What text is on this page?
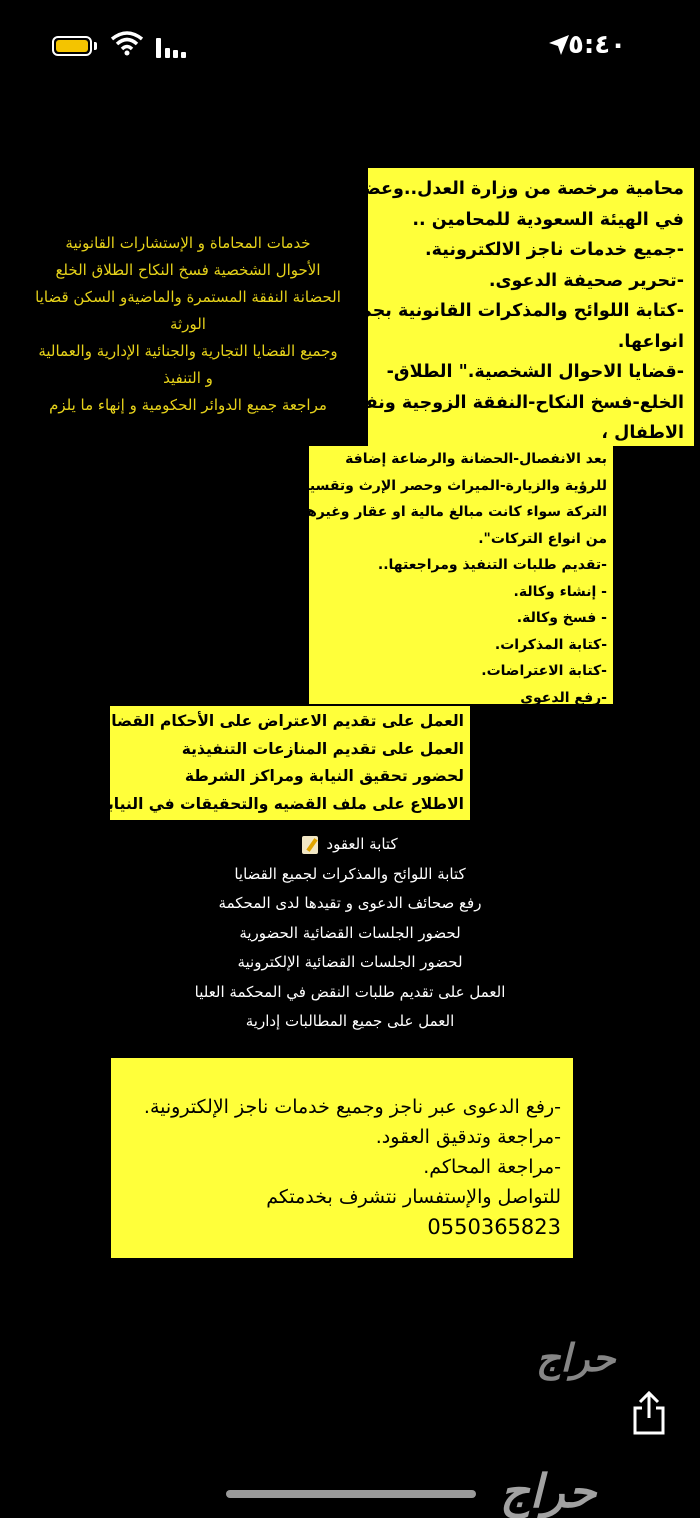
٥:٤٠
خدمات المحاماة و الإستشارات القانونية
الأحوال الشخصية فسخ النكاح الطلاق الخلع
الحضانة النفقة المستمرة والماضيةو السكن قضايا
الورثة
وجميع القضايا التجارية والجنائية الإدارية والعمالية
و التنفيذ
مراجعة جميع الدوائر الحكومية و إنهاء ما يلزم
محامية مرخصة من وزارة العدل..وعضو
في الهيئة السعودية للمحامين ..
-جميع خدمات ناجز الالكترونية.
-تحرير صحيفة الدعوى.
-كتابة اللوائح والمذكرات القانونية بجميع
انواعها.
-قضايا الاحوال الشخصية." الطلاق-
الخلع-فسخ النكاح-النفقة الزوجية ونفقة
الاطفال ،
بعد الانفصال-الحضانة والرضاعة إضافة
للرؤية والزيارة-الميراث وحصر الإرث وتقسيم
التركة سواء كانت مبالغ مالية او عقار وغيرها
من انواع التركات".
-تقديم طلبات التنفيذ ومراجعتها..
- إنشاء وكالة.
- فسخ وكالة.
-كتابة المذكرات.
-كتابة الاعتراضات.
-رفع الدعوى
العمل على تقديم الاعتراض على الأحكام القضائية
العمل على تقديم المنازعات التنفيذية
لحضور تحقيق النيابة ومراكز الشرطة
الاطلاع على ملف القضيه والتحقيقات في النيابة
كتابة العقود
كتابة اللوائح والمذكرات لجميع القضايا
رفع صحائف الدعوى و تقيدها لدى المحكمة
لحضور الجلسات القضائية الحضورية
لحضور الجلسات القضائية الإلكترونية
العمل على تقديم طلبات النقض في المحكمة العليا
العمل على جميع المطالبات إدارية
-رفع الدعوى عبر ناجز وجميع خدمات ناجز الإلكترونية.
-مراجعة وتدقيق العقود.
-مراجعة المحاكم.
للتواصل والإستفسار نتشرف بخدمتكم
0550365823
حراج
حراج
